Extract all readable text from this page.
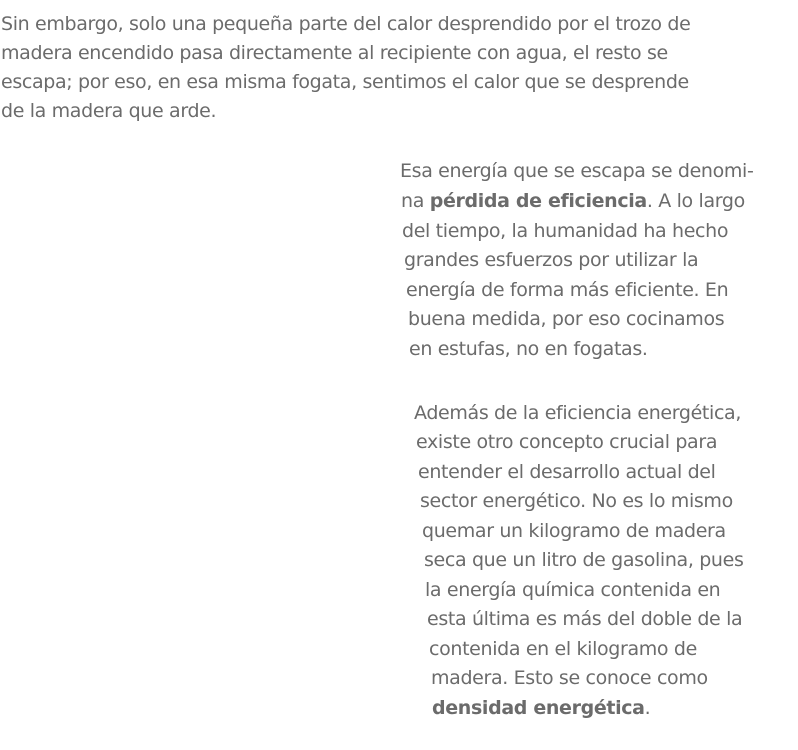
Sin embargo, solo una pequeña parte del calor desprendido por el trozo de
madera encendido pasa directamente al recipiente con agua, el resto se
escapa; por eso, en esa misma fogata, sentimos el calor que se desprende
de la madera que arde.
Esa energía que se escapa se denomi-
na pérdida de eficiencia. A lo largo
del tiempo, la humanidad ha hecho
grandes esfuerzos por utilizar la
energía de forma más eficiente. En
buena medida, por eso cocinamos
en estufas, no en fogatas.
Además de la eficiencia energética,
existe otro concepto crucial para
entender el desarrollo actual del
sector energético. No es lo mismo
quemar un kilogramo de madera
seca que un litro de gasolina, pues
la energía química contenida en
esta última es más del doble de la
contenida en el kilogramo de
madera. Esto se conoce como
densidad energética.
